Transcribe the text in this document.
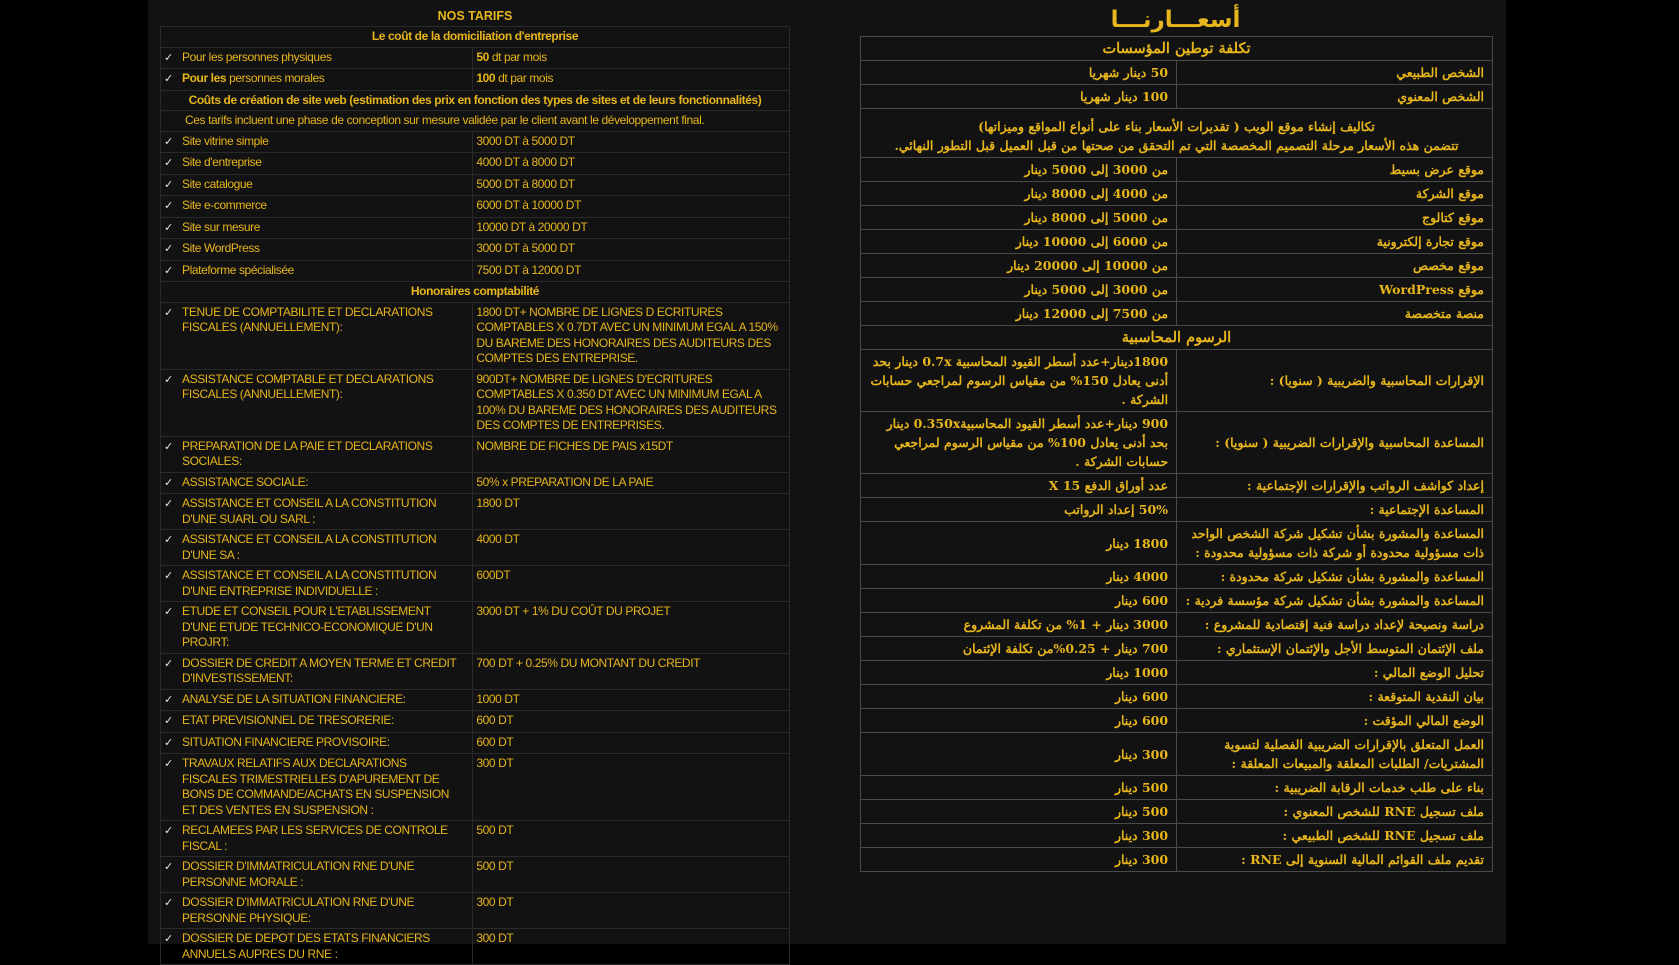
NOS TARIFS
Le coût de la domiciliation d'entreprise	
✓ Pour les personnes physiques	50 dt par mois
✓ Pour les personnes morales	100 dt par mois
Coûts de création de site web (estimation des prix en fonction des types de sites et de leurs fonctionnalités)	
Ces tarifs incluent une phase de conception sur mesure validée par le client avant le développement final.	
✓ Site vitrine simple	3000 DT à 5000 DT
✓ Site d'entreprise	4000 DT à 8000 DT
✓ Site catalogue	5000 DT à 8000 DT
✓ Site e-commerce	6000 DT à 10000 DT
✓ Site sur mesure	10000 DT à 20000 DT
✓ Site WordPress	3000 DT à 5000 DT
✓ Plateforme spécialisée	7500 DT à 12000 DT
Honoraires comptabilité	
✓ TENUE DE COMPTABILITE ET DECLARATIONS FISCALES (ANNUELLEMENT):	1800 DT+ NOMBRE DE LIGNES D ECRITURES COMPTABLES X 0.7DT AVEC UN MINIMUM EGAL A 150% DU BAREME DES HONORAIRES DES AUDITEURS DES COMPTES DES ENTREPRISE.
✓ ASSISTANCE COMPTABLE ET DECLARATIONS FISCALES (ANNUELLEMENT):	900DT+ NOMBRE DE LIGNES D'ECRITURES COMPTABLES X 0.350 DT AVEC UN MINIMUM EGAL A 100% DU BAREME DES HONORAIRES DES AUDITEURS DES COMPTES DE ENTREPRISES.
✓ PREPARATION DE LA PAIE ET DECLARATIONS SOCIALES:	NOMBRE DE FICHES DE PAIS x15DT
✓ ASSISTANCE SOCIALE:	50% x PREPARATION DE LA PAIE
✓ ASSISTANCE ET CONSEIL A LA CONSTITUTION D'UNE SUARL OU SARL :	1800 DT
✓ ASSISTANCE ET CONSEIL A LA CONSTITUTION D'UNE SA :	4000 DT
✓ ASSISTANCE ET CONSEIL A LA CONSTITUTION D'UNE ENTREPRISE INDIVIDUELLE :	600DT
✓ ETUDE ET CONSEIL POUR L'ETABLISSEMENT D'UNE ETUDE TECHNICO-ECONOMIQUE D'UN PROJRT:	3000 DT + 1% DU COÛT DU PROJET
✓ DOSSIER DE CREDIT A MOYEN TERME ET CREDIT D'INVESTISSEMENT:	700 DT + 0.25% DU MONTANT DU CREDIT
✓ ANALYSE DE LA SITUATION FINANCIERE:	1000 DT
✓ ETAT PREVISIONNEL DE TRESORERIE:	600 DT
✓ SITUATION FINANCIERE PROVISOIRE:	600 DT
✓ TRAVAUX RELATIFS AUX DECLARATIONS FISCALES TRIMESTRIELLES D'APUREMENT DE BONS DE COMMANDE/ACHATS EN SUSPENSION ET DES VENTES EN SUSPENSION :	300 DT
✓ RECLAMEES PAR LES SERVICES DE CONTROLE FISCAL :	500 DT
✓ DOSSIER D'IMMATRICULATION RNE D'UNE PERSONNE MORALE :	500 DT
✓ DOSSIER D'IMMATRICULATION RNE D'UNE PERSONNE PHYSIQUE:	300 DT
✓ DOSSIER DE DEPOT DES ETATS FINANCIERS ANNUELS AUPRES DU RNE :	300 DT
أسعـــارنـــا
تكلفة توطين المؤسسات	
الشخص الطبيعي	50 دينار شهريا
الشخص المعنوي	100 دينار شهريا

تكاليف إنشاء موقع الويب ( تقديرات الأسعار بناء على أنواع المواقع وميزاتها)
تتضمن هذه الأسعار مرحلة التصميم المخصصة التي تم التحقق من صحتها من قبل العميل قبل التطور النهائي.	

موقع عرض بسيط	من 3000 إلى 5000 دينار
موقع الشركة	من 4000 إلى 8000 دينار
موقع كتالوج	من 5000 إلى 8000 دينار
موقع تجارة إلكترونية	من 6000 إلى 10000 دينار
موقع مخصص	من 10000 إلى 20000 دينار
موقع WordPress	من 3000 إلى 5000 دينار
منصة متخصصة	من 7500 إلى 12000 دينار
الرسوم المحاسبية	
الإقرارات المحاسبية والضريبية ( سنويا) :	1800دينار+عدد أسطر القيود المحاسبية 0.7x دينار بحد أدنى يعادل 150% من مقياس الرسوم لمراجعي حسابات الشركة .
المساعدة المحاسبية والإقرارات الضريبية ( سنويا) :	900 دينار+عدد أسطر القيود المحاسبية0.350x دينار بحد أدنى يعادل 100% من مقياس الرسوم لمراجعي حسابات الشركة .
إعداد كواشف الرواتب والإقرارات الإجتماعية :	عدد أوراق الدفع X 15
المساعدة الإجتماعية :	50% إعداد الرواتب
المساعدة والمشورة بشأن تشكيل شركة الشخص الواحد ذات مسؤولية محدودة أو شركة ذات مسؤولية محدودة :	1800 دينار
المساعدة والمشورة بشأن تشكيل شركة محدودة :	4000 دينار
المساعدة والمشورة بشأن تشكيل شركة مؤسسة فردية :	600 دينار
دراسة ونصيحة لإعداد دراسة فنية إقتصادية للمشروع :	3000 دينار + 1% من تكلفة المشروع
ملف الإئتمان المتوسط الأجل والإئتمان الإستثماري :	700 دينار + 0.25%من تكلفة الإئتمان
تحليل الوضع المالي :	1000 دينار
بيان النقدية المتوقعة :	600 دينار
الوضع المالي المؤقت :	600 دينار
العمل المتعلق بالإقرارات الضريبية الفصلية لتسوية المشتريات/ الطلبات المعلقة والمبيعات المعلقة :	300 دينار
بناء على طلب خدمات الرقابة الضريبية :	500 دينار
ملف تسجيل RNE للشخص المعنوي :	500 دينار
ملف تسجيل RNE للشخص الطبيعي :	300 دينار
تقديم ملف القوائم المالية السنوية إلى RNE :	300 دينار
